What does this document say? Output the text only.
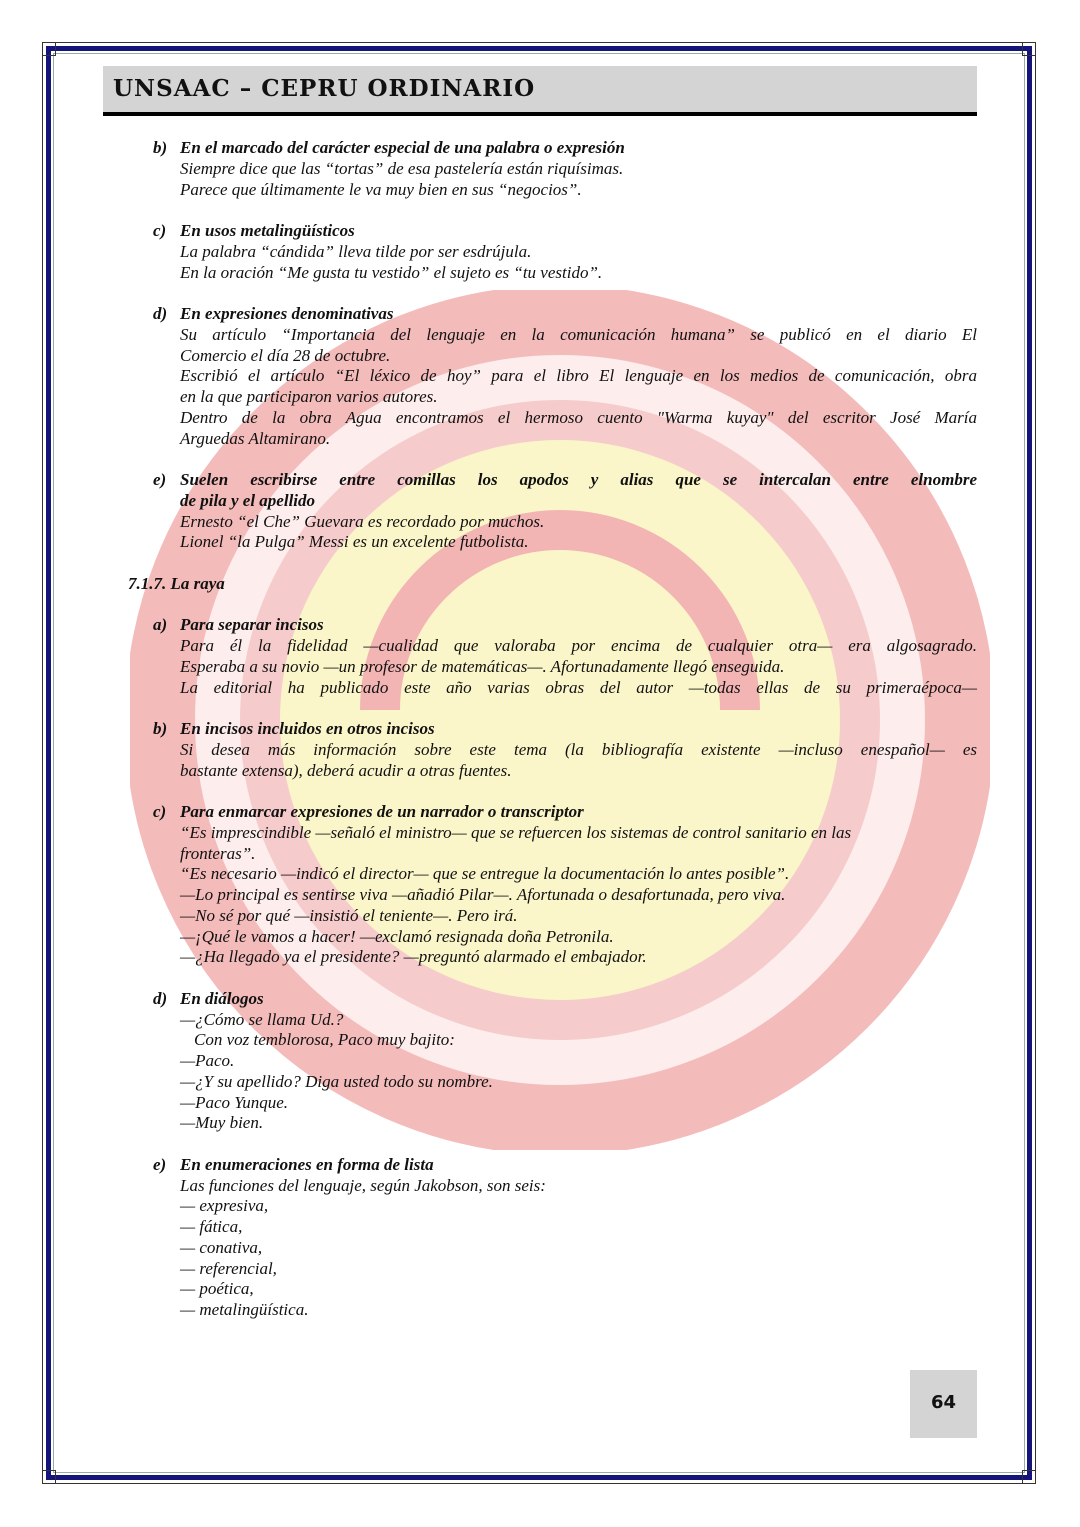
UNSAAC – CEPRU ORDINARIO
b) En el marcado del carácter especial de una palabra o expresión
Siempre dice que las “tortas” de esa pastelería están riquísimas.
Parece que últimamente le va muy bien en sus “negocios”.
c) En usos metalingüísticos
La palabra “cándida” lleva tilde por ser esdrújula.
En la oración “Me gusta tu vestido” el sujeto es “tu vestido”.
d) En expresiones denominativas
Su artículo “Importancia del lenguaje en la comunicación humana” se publicó en el diario El
Comercio el día 28 de octubre.
Escribió el artículo “El léxico de hoy” para el libro El lenguaje en los medios de comunicación, obra
en la que participaron varios autores.
Dentro de la obra Agua encontramos el hermoso cuento "Warma kuyay" del escritor José María
Arguedas Altamirano.
e) Suelen escribirse entre comillas los apodos y alias que se intercalan entre elnombre
de pila y el apellido
Ernesto “el Che” Guevara es recordado por muchos.
Lionel “la Pulga” Messi es un excelente futbolista.
7.1.7. La raya
a) Para separar incisos
Para él la fidelidad —cualidad que valoraba por encima de cualquier otra— era algosagrado.
Esperaba a su novio —un profesor de matemáticas—. Afortunadamente llegó enseguida.
La editorial ha publicado este año varias obras del autor —todas ellas de su primeraépoca—
b) En incisos incluidos en otros incisos
Si desea más información sobre este tema (la bibliografía existente —incluso enespañol— es
bastante extensa), deberá acudir a otras fuentes.
c) Para enmarcar expresiones de un narrador o transcriptor
“Es imprescindible —señaló el ministro— que se refuercen los sistemas de control sanitario en las
fronteras”.
“Es necesario —indicó el director— que se entregue la documentación lo antes posible”.
—Lo principal es sentirse viva —añadió Pilar—. Afortunada o desafortunada, pero viva.
—No sé por qué —insistió el teniente—. Pero irá.
—¡Qué le vamos a hacer! —exclamó resignada doña Petronila.
—¿Ha llegado ya el presidente? —preguntó alarmado el embajador.
d) En diálogos
—¿Cómo se llama Ud.?
Con voz temblorosa, Paco muy bajito:
—Paco.
—¿Y su apellido? Diga usted todo su nombre.
—Paco Yunque.
—Muy bien.
e) En enumeraciones en forma de lista
Las funciones del lenguaje, según Jakobson, son seis:
— expresiva,
— fática,
— conativa,
— referencial,
— poética,
— metalingüística.
64
